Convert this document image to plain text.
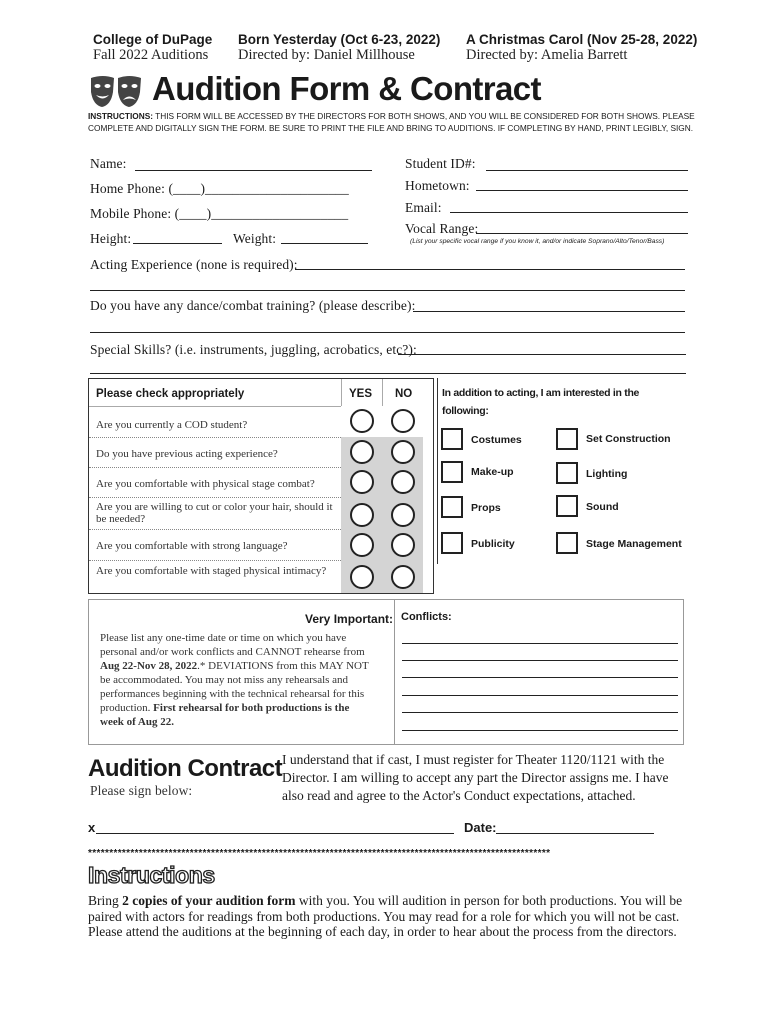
College of DuPage
Fall 2022 Auditions
Born Yesterday (Oct 6-23, 2022)
Directed by: Daniel Millhouse
A Christmas Carol (Nov 25-28, 2022)
Directed by: Amelia Barrett
Audition Form & Contract
INSTRUCTIONS: THIS FORM WILL BE ACCESSED BY THE DIRECTORS FOR BOTH SHOWS, AND YOU WILL BE CONSIDERED FOR BOTH SHOWS. PLEASE COMPLETE AND DIGITALLY SIGN THE FORM. BE SURE TO PRINT THE FILE AND BRING TO AUDITIONS. IF COMPLETING BY HAND, PRINT LEGIBLY, SIGN.
Name:	Student ID#:
Home Phone: (____)_____________________	Hometown:
Mobile Phone: (____)____________________	Email:
Vocal Range:
(List your specific vocal range if you know it, and/or indicate Soprano/Alto/Tenor/Bass)
Height:	Weight:
Acting Experience (none is required):
Do you have any dance/combat training? (please describe):
Special Skills? (i.e. instruments, juggling, acrobatics, etc?):
Please check appropriately	YES NO
Are you currently a COD student?
Do you have previous acting experience?
Are you comfortable with physical stage combat?
Are you are willing to cut or color your hair, should it be needed?
Are you comfortable with strong language?
Are you comfortable with staged physical intimacy?
In addition to acting, I am interested in the following:
Costumes	Set Construction
Make-up	Lighting
Props	Sound
Publicity	Stage Management
Very Important:
Please list any one-time date or time on which you have personal and/or work conflicts and CANNOT rehearse from Aug 22-Nov 28, 2022.* DEVIATIONS from this MAY NOT be accommodated. You may not miss any rehearsals and performances beginning with the technical rehearsal for this production. First rehearsal for both productions is the week of Aug 22.
Conflicts:
Audition Contract
Please sign below:
I understand that if cast, I must register for Theater 1120/1121 with the Director. I am willing to accept any part the Director assigns me. I have also read and agree to the Actor's Conduct expectations, attached.
x	Date:
*************************************************************************************************************
Instructions
Bring 2 copies of your audition form with you. You will audition in person for both productions. You will be paired with actors for readings from both productions. You may read for a role for which you will not be cast. Please attend the auditions at the beginning of each day, in order to hear about the process from the directors.
